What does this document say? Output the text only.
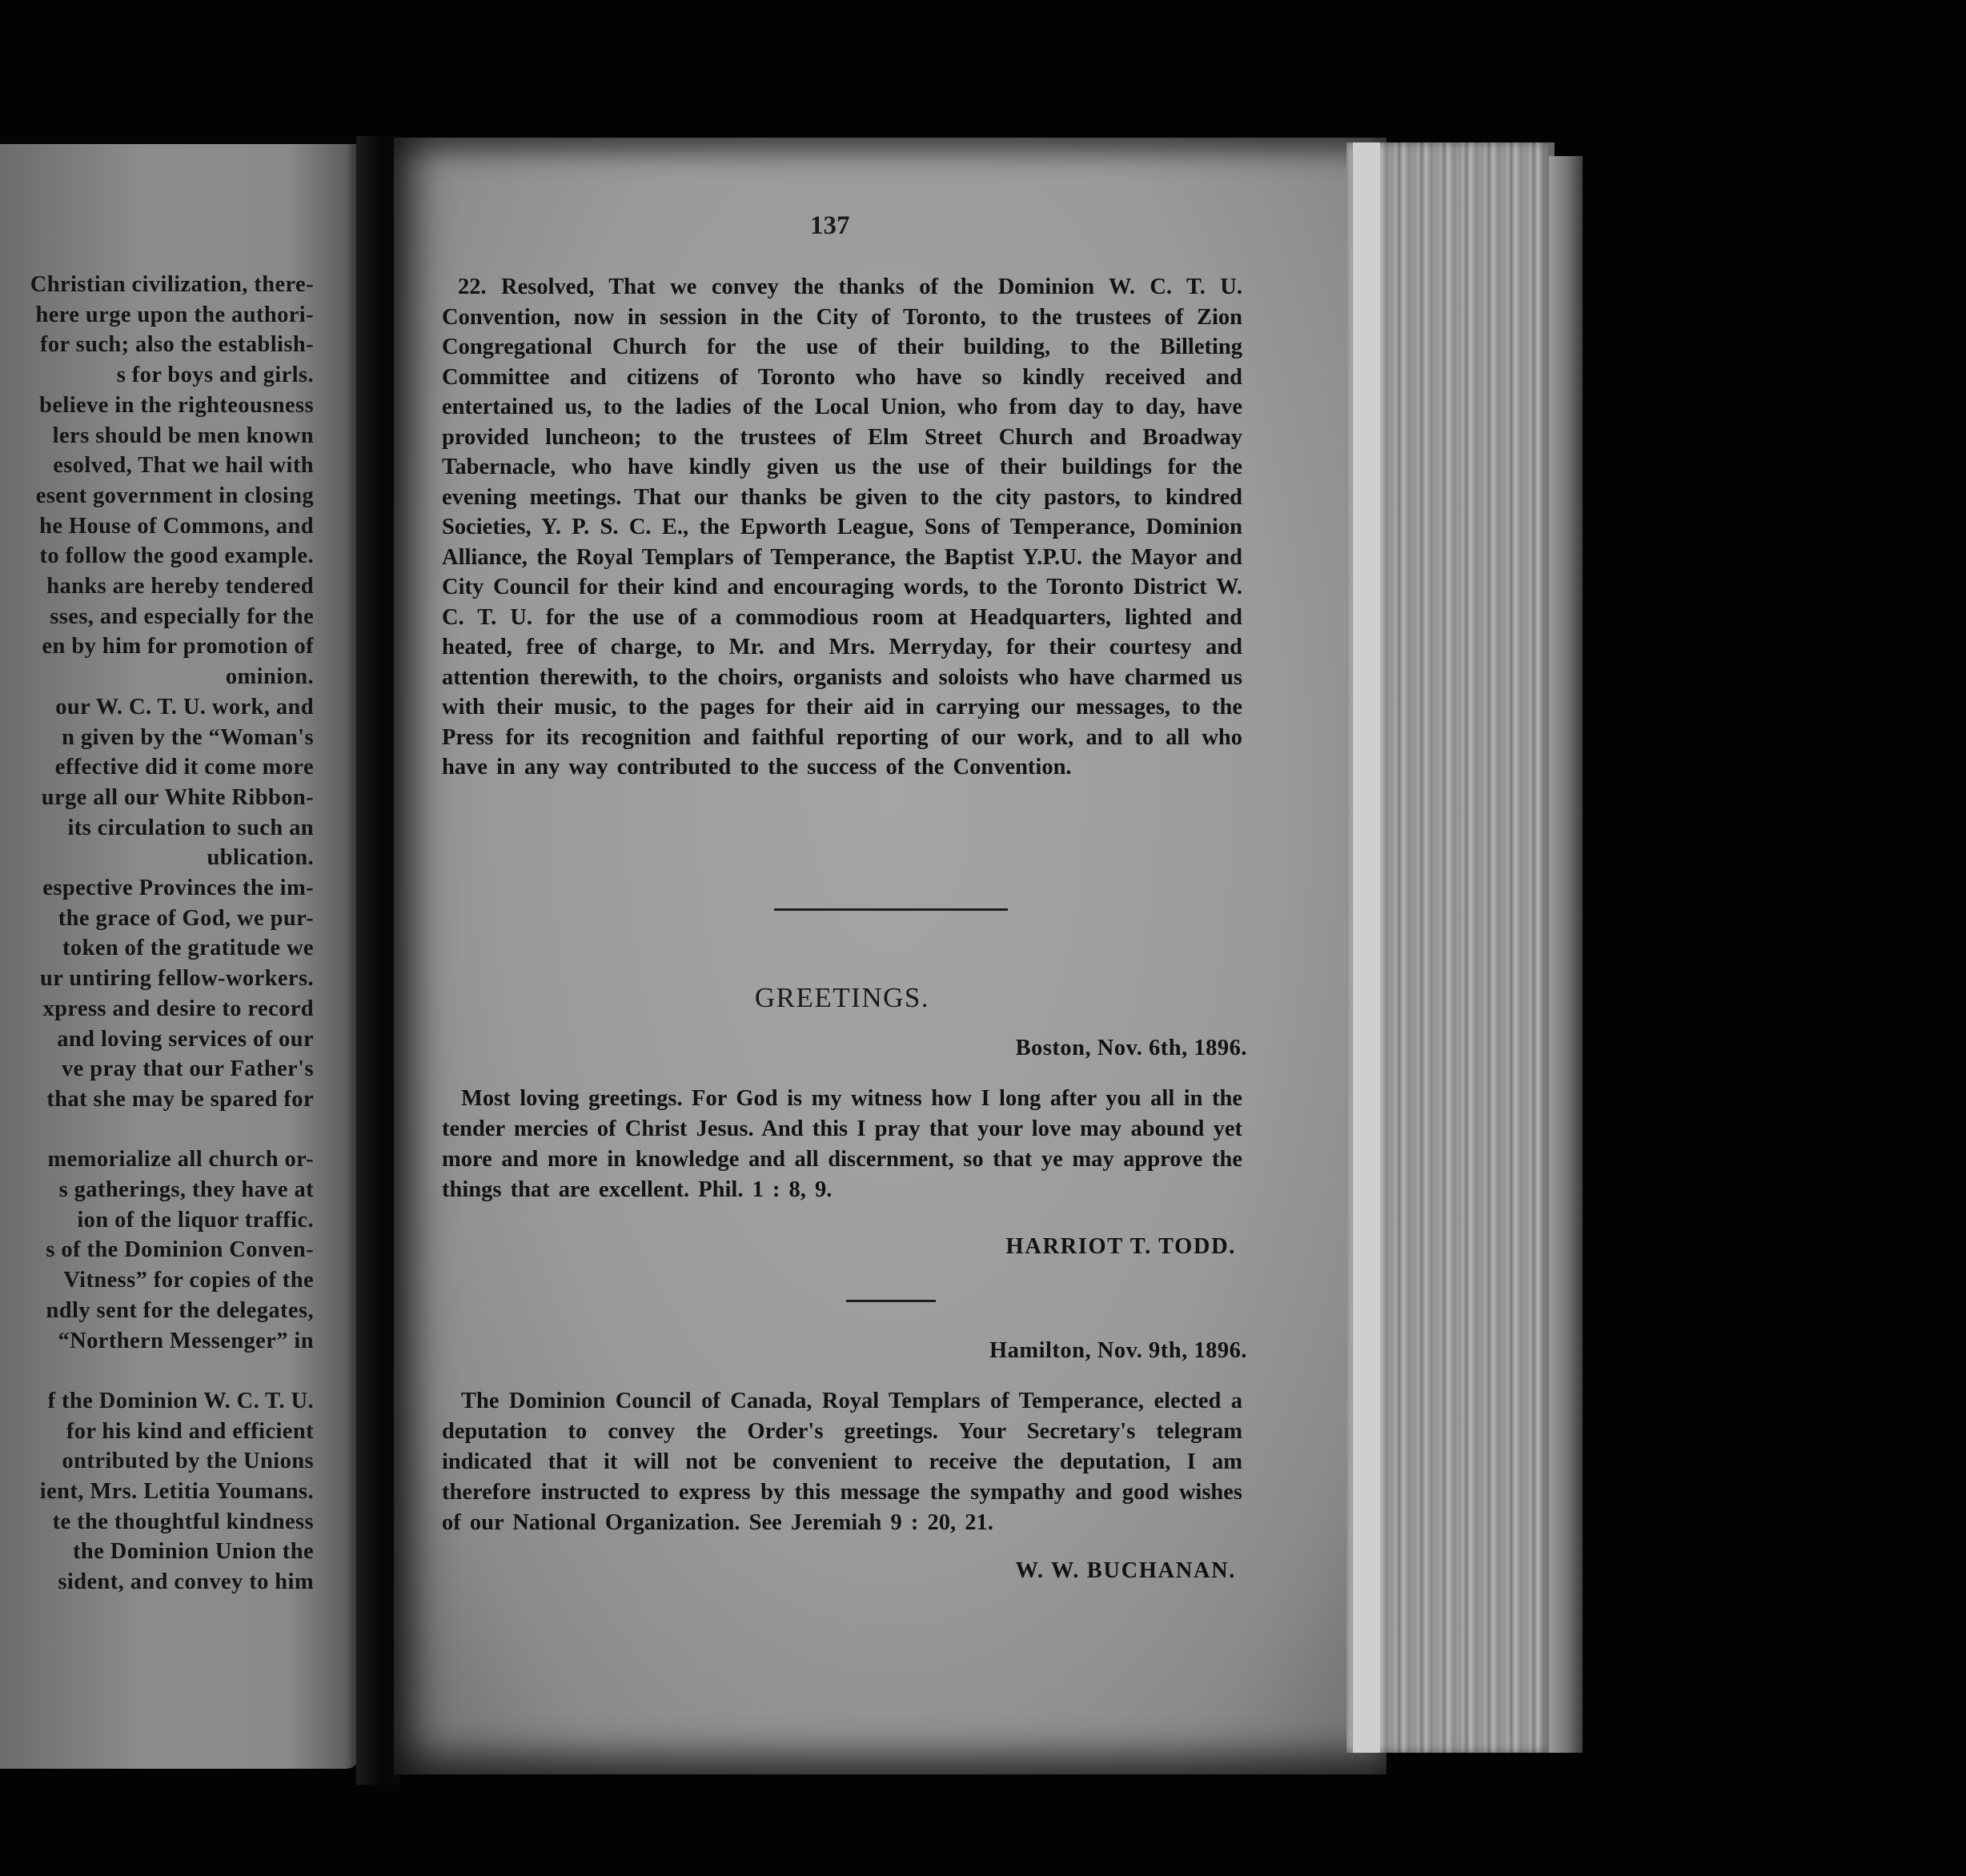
Christian civilization, there-
here urge upon the authori-
for such; also the establish-
s for boys and girls.
believe in the righteousness
lers should be men known
esolved, That we hail with
esent government in closing
he House of Commons, and
to follow the good example.
hanks are hereby tendered
sses, and especially for the
en by him for promotion of
ominion.
our W. C. T. U. work, and
n given by the “Woman's
effective did it come more
urge all our White Ribbon-
its circulation to such an
ublication.
espective Provinces the im-
the grace of God, we pur-
token of the gratitude we
ur untiring fellow-workers.
xpress and desire to record
and loving services of our
ve pray that our Father's
that she may be spared for
memorialize all church or-
s gatherings, they have at
ion of the liquor traffic.
s of the Dominion Conven-
Vitness” for copies of the
ndly sent for the delegates,
“Northern Messenger” in
f the Dominion W. C. T. U.
for his kind and efficient
ontributed by the Unions
ient, Mrs. Letitia Youmans.
te the thoughtful kindness
the Dominion Union the
sident, and convey to him
137

22. Resolved, That we convey the thanks of the Dominion W. C. T. U. Convention, now in session in the City of Toronto, to the trustees of Zion Congregational Church for the use of their building, to the Billeting Committee and citizens of Toronto who have so kindly received and entertained us, to the ladies of the Local Union, who from day to day, have provided luncheon; to the trustees of Elm Street Church and Broadway Tabernacle, who have kindly given us the use of their buildings for the evening meetings. That our thanks be given to the city pastors, to kindred Societies, Y. P. S. C. E., the Epworth League, Sons of Temperance, Dominion Alliance, the Royal Templars of Temperance, the Baptist Y.P.U. the Mayor and City Council for their kind and encouraging words, to the Toronto District W. C. T. U. for the use of a commodious room at Headquarters, lighted and heated, free of charge, to Mr. and Mrs. Merryday, for their courtesy and attention therewith, to the choirs, organists and soloists who have charmed us with their music, to the pages for their aid in carrying our messages, to the Press for its recognition and faithful reporting of our work, and to all who have in any way contributed to the success of the Convention.

GREETINGS.
Boston, Nov. 6th, 1896.

Most loving greetings. For God is my witness how I long after you all in the tender mercies of Christ Jesus. And this I pray that your love may abound yet more and more in knowledge and all discernment, so that ye may approve the things that are excellent. Phil. 1 : 8, 9.

HARRIOT T. TODD.
Hamilton, Nov. 9th, 1896.

The Dominion Council of Canada, Royal Templars of Temperance, elected a deputation to convey the Order's greetings. Your Secretary's telegram indicated that it will not be convenient to receive the deputation, I am therefore instructed to express by this message the sympathy and good wishes of our National Organization. See Jeremiah 9 : 20, 21.

W. W. BUCHANAN.
